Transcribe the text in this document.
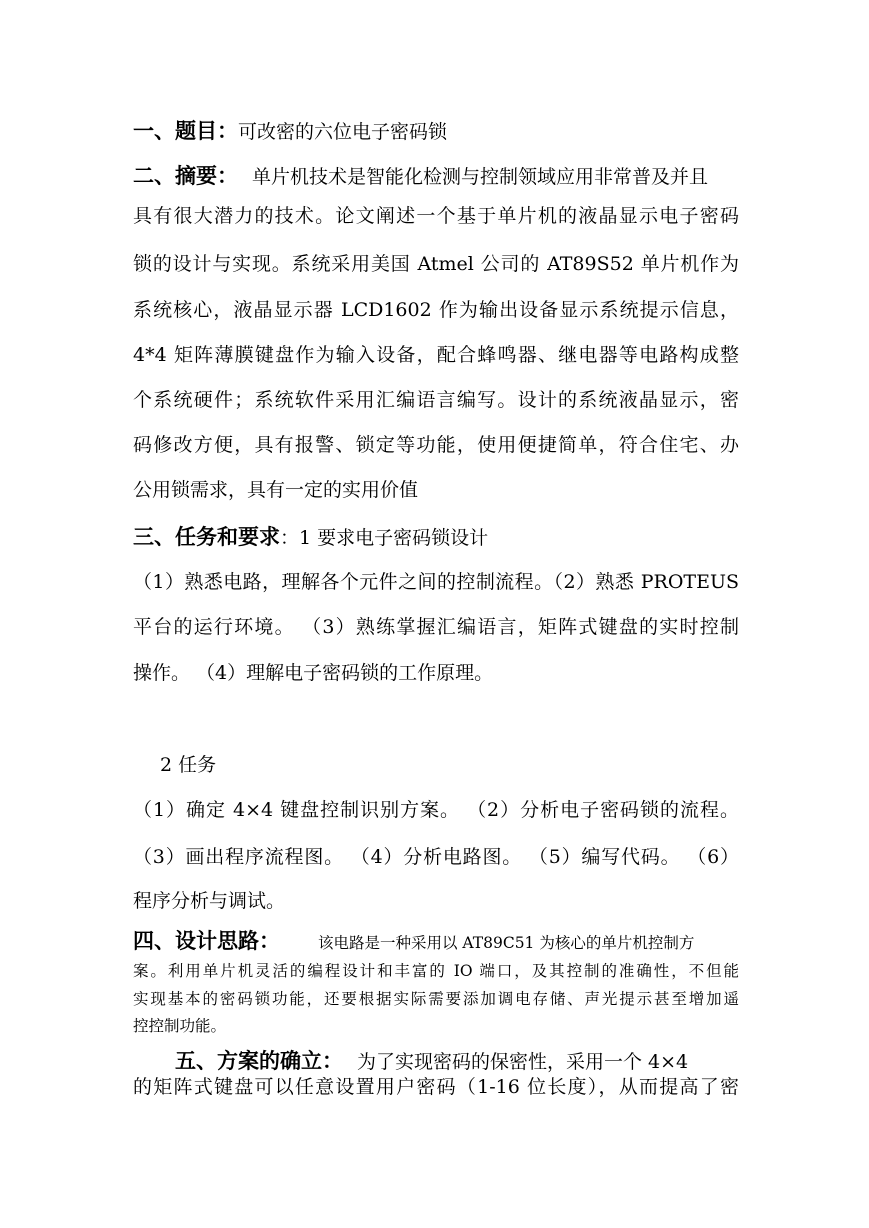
一、题目：可改密的六位电子密码锁
二、摘要： 单片机技术是智能化检测与控制领域应用非常普及并且
具有很大潜力的技术。论文阐述一个基于单片机的液晶显示电子密码
锁的设计与实现。系统采用美国 Atmel 公司的 AT89S52 单片机作为
系统核心，液晶显示器 LCD1602 作为输出设备显示系统提示信息，
4*4 矩阵薄膜键盘作为输入设备，配合蜂鸣器、继电器等电路构成整
个系统硬件；系统软件采用汇编语言编写。设计的系统液晶显示，密
码修改方便，具有报警、锁定等功能，使用便捷简单，符合住宅、办
公用锁需求，具有一定的实用价值
三、任务和要求：1 要求电子密码锁设计
（1）熟悉电路，理解各个元件之间的控制流程。（2）熟悉 PROTEUS
平台的运行环境。 （3）熟练掌握汇编语言，矩阵式键盘的实时控制
操作。 （4）理解电子密码锁的工作原理。
2 任务
（1）确定 4×4 键盘控制识别方案。 （2）分析电子密码锁的流程。
（3）画出程序流程图。 （4）分析电路图。 （5）编写代码。 （6）
程序分析与调试。
四、设计思路： 该电路是一种采用以 AT89C51 为核心的单片机控制方
案。利用单片机灵活的编程设计和丰富的 IO 端口，及其控制的准确性，不但能
实现基本的密码锁功能，还要根据实际需要添加调电存储、声光提示甚至增加遥
控控制功能。
五、方案的确立： 为了实现密码的保密性，采用一个 4×4
的矩阵式键盘可以任意设置用户密码（1-16 位长度），从而提高了密
